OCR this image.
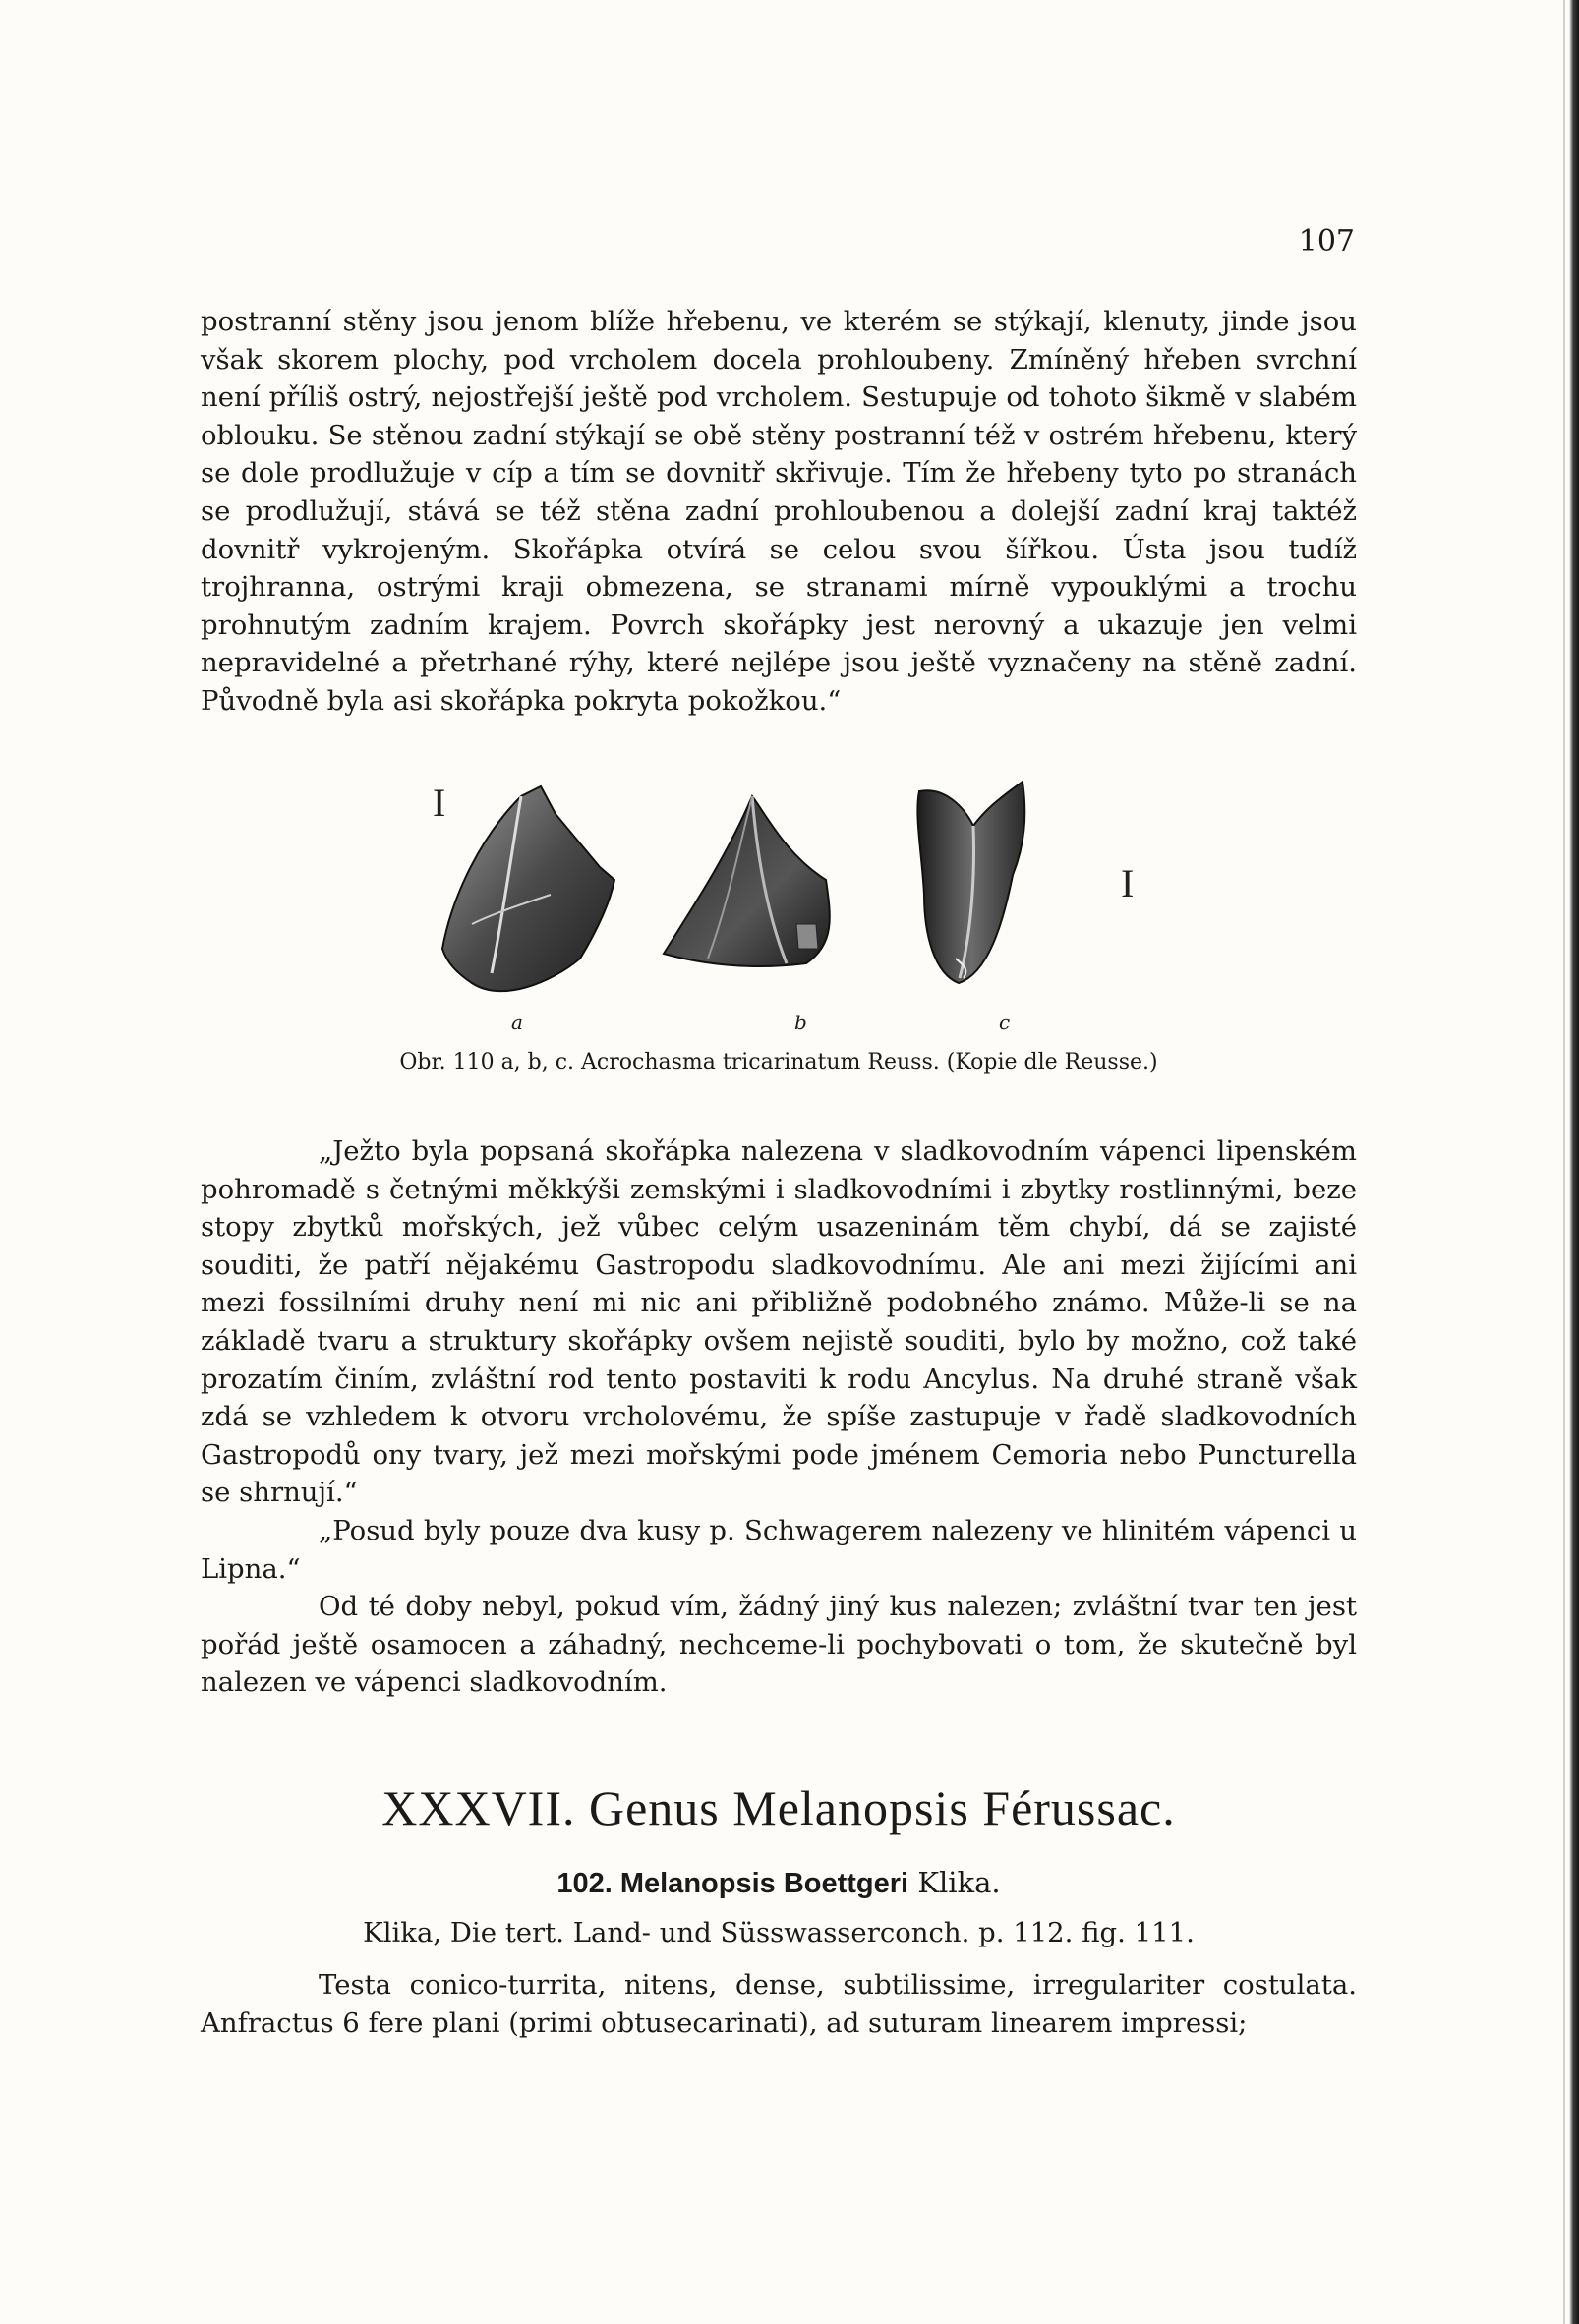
107

postranní stěny jsou jenom blíže hřebenu, ve kterém se stýkají, klenuty, jinde jsou však skorem plochy, pod vrcholem docela prohloubeny. Zmíněný hřeben svrchní není příliš ostrý, nejostřejší ještě pod vrcholem. Sestupuje od tohoto šikmě v slabém oblouku. Se stěnou zadní stýkají se obě stěny postranní též v ostrém hřebenu, který se dole prodlužuje v cíp a tím se dovnitř skřivuje. Tím že hřebeny tyto po stranách se prodlužují, stává se též stěna zadní prohloubenou a dolejší zadní kraj taktéž dovnitř vykrojeným. Skořápka otvírá se celou svou šířkou. Ústa jsou tudíž trojhranna, ostrými kraji obmezena, se stranami mírně vypouklými a trochu prohnutým zadním krajem. Povrch skořápky jest nerovný a ukazuje jen velmi nepravidelné a přetrhané rýhy, které nejlépe jsou ještě vyznačeny na stěně zadní. Původně byla asi skořápka pokryta pokožkou.“

I
I
a	b	c
Obr. 110 a, b, c. Acrochasma tricarinatum Reuss. (Kopie dle Reusse.)

„Ježto byla popsaná skořápka nalezena v sladkovodním vápenci lipenském pohromadě s četnými měkkýši zemskými i sladkovodními i zbytky rostlinnými, beze stopy zbytků mořských, jež vůbec celým usazeninám těm chybí, dá se zajisté souditi, že patří nějakému Gastropodu sladkovodnímu. Ale ani mezi žijícími ani mezi fossilními druhy není mi nic ani přibližně podobného známo. Může-li se na základě tvaru a struktury skořápky ovšem nejistě souditi, bylo by možno, což také prozatím činím, zvláštní rod tento postaviti k rodu Ancylus. Na druhé straně však zdá se vzhledem k otvoru vrcholovému, že spíše zastupuje v řadě sladkovodních Gastropodů ony tvary, jež mezi mořskými pode jménem Cemoria nebo Puncturella se shrnují.“

„Posud byly pouze dva kusy p. Schwagerem nalezeny ve hlinitém vápenci u Lipna.“

Od té doby nebyl, pokud vím, žádný jiný kus nalezen; zvláštní tvar ten jest pořád ještě osamocen a záhadný, nechceme-li pochybovati o tom, že skutečně byl nalezen ve vápenci sladkovodním.

XXXVII. Genus Melanopsis Férussac.
102. Melanopsis Boettgeri Klika.
Klika, Die tert. Land- und Süsswasserconch. p. 112. fig. 111.

Testa conico-turrita, nitens, dense, subtilissime, irregulariter costulata. Anfractus 6 fere plani (primi obtusecarinati), ad suturam linearem impressi;
